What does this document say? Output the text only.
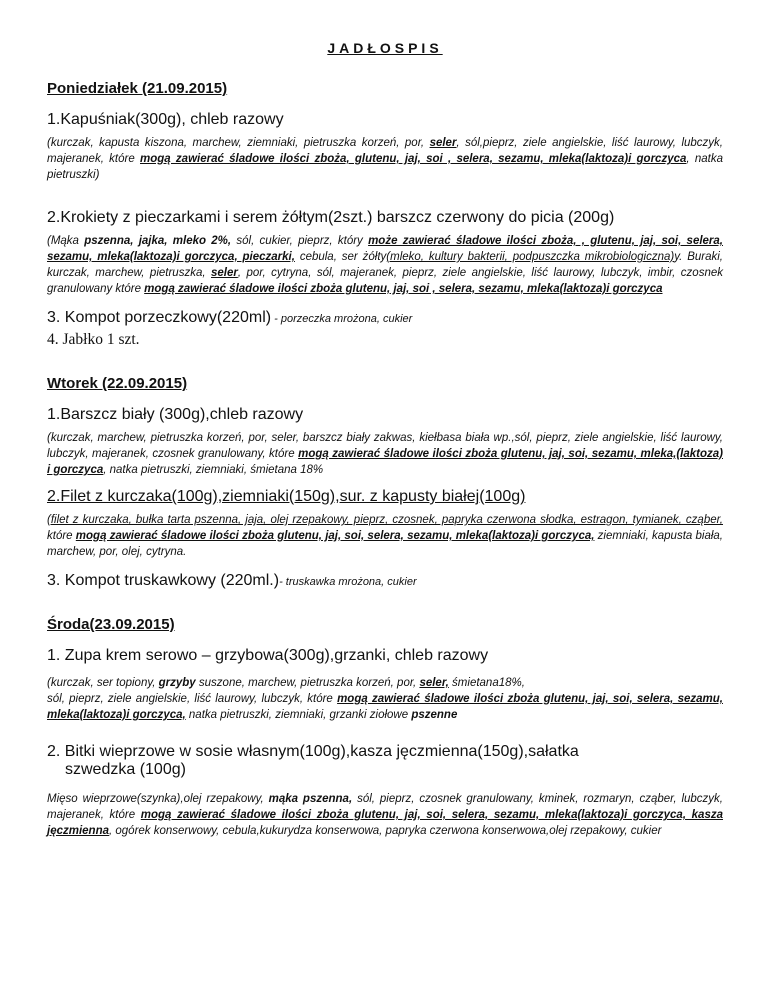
JADŁOSPIS

Poniedziałek (21.09.2015)

1.Kapuśniak(300g), chleb razowy

(kurczak, kapusta kiszona, marchew, ziemniaki, pietruszka korzeń, por, seler, sól,pieprz, ziele angielskie, liść laurowy, lubczyk, majeranek, które mogą zawierać śladowe ilości zboża, glutenu, jaj, soi , selera, sezamu, mleka(laktoza)i gorczyca, natka pietruszki)

2.Krokiety z pieczarkami i serem żółtym(2szt.) barszcz czerwony do picia (200g)

(Mąka pszenna, jajka, mleko 2%, sól, cukier, pieprz, który może zawierać śladowe ilości zboża, , glutenu, jaj, soi, selera, sezamu, mleka(laktoza)i gorczyca, pieczarki, cebula, ser żółty(mleko, kultury bakterii, podpuszczka mikrobiologiczna)y. Buraki, kurczak, marchew, pietruszka, seler, por, cytryna, sól, majeranek, pieprz, ziele angielskie, liść laurowy, lubczyk, imbir, czosnek granulowany które mogą zawierać śladowe ilości zboża glutenu, jaj, soi , selera, sezamu, mleka(laktoza)i gorczyca

3. Kompot porzeczkowy(220ml) - porzeczka mrożona, cukier

4. Jabłko 1 szt.

Wtorek (22.09.2015)

1.Barszcz biały (300g),chleb razowy

(kurczak, marchew, pietruszka korzeń, por, seler, barszcz biały zakwas, kiełbasa biała wp.,sól, pieprz, ziele angielskie, liść laurowy, lubczyk, majeranek, czosnek granulowany, które mogą zawierać śladowe ilości zboża glutenu, jaj, soi, sezamu, mleka,(laktoza) i gorczyca, natka pietruszki, ziemniaki, śmietana 18%

2.Filet z kurczaka(100g),ziemniaki(150g),sur. z kapusty białej(100g)

(filet z kurczaka, bułka tarta pszenna, jaja, olej rzepakowy, pieprz, czosnek, papryka czerwona słodka, estragon, tymianek, cząber, które mogą zawierać śladowe ilości zboża glutenu, jaj, soi, selera, sezamu, mleka(laktoza)i gorczyca, ziemniaki, kapusta biała, marchew, por, olej, cytryna.

3. Kompot truskawkowy (220ml.)- truskawka mrożona, cukier

Środa(23.09.2015)

1. Zupa krem serowo – grzybowa(300g),grzanki, chleb razowy

(kurczak, ser topiony, grzyby suszone, marchew, pietruszka korzeń, por, seler, śmietana18%,
sól, pieprz, ziele angielskie, liść laurowy, lubczyk, które mogą zawierać śladowe ilości zboża glutenu, jaj, soi, selera, sezamu, mleka(laktoza)i gorczyca, natka pietruszki, ziemniaki, grzanki ziołowe pszenne

2. Bitki wieprzowe w sosie własnym(100g),kasza jęczmienna(150g),sałatka
szwedzka (100g)

Mięso wieprzowe(szynka),olej rzepakowy, mąka pszenna, sól, pieprz, czosnek granulowany, kminek, rozmaryn, cząber, lubczyk, majeranek, które mogą zawierać śladowe ilości zboża glutenu, jaj, soi, selera, sezamu, mleka(laktoza)i gorczyca, kasza jęczmienna, ogórek konserwowy, cebula,kukurydza konserwowa, papryka czerwona konserwowa,olej rzepakowy, cukier
